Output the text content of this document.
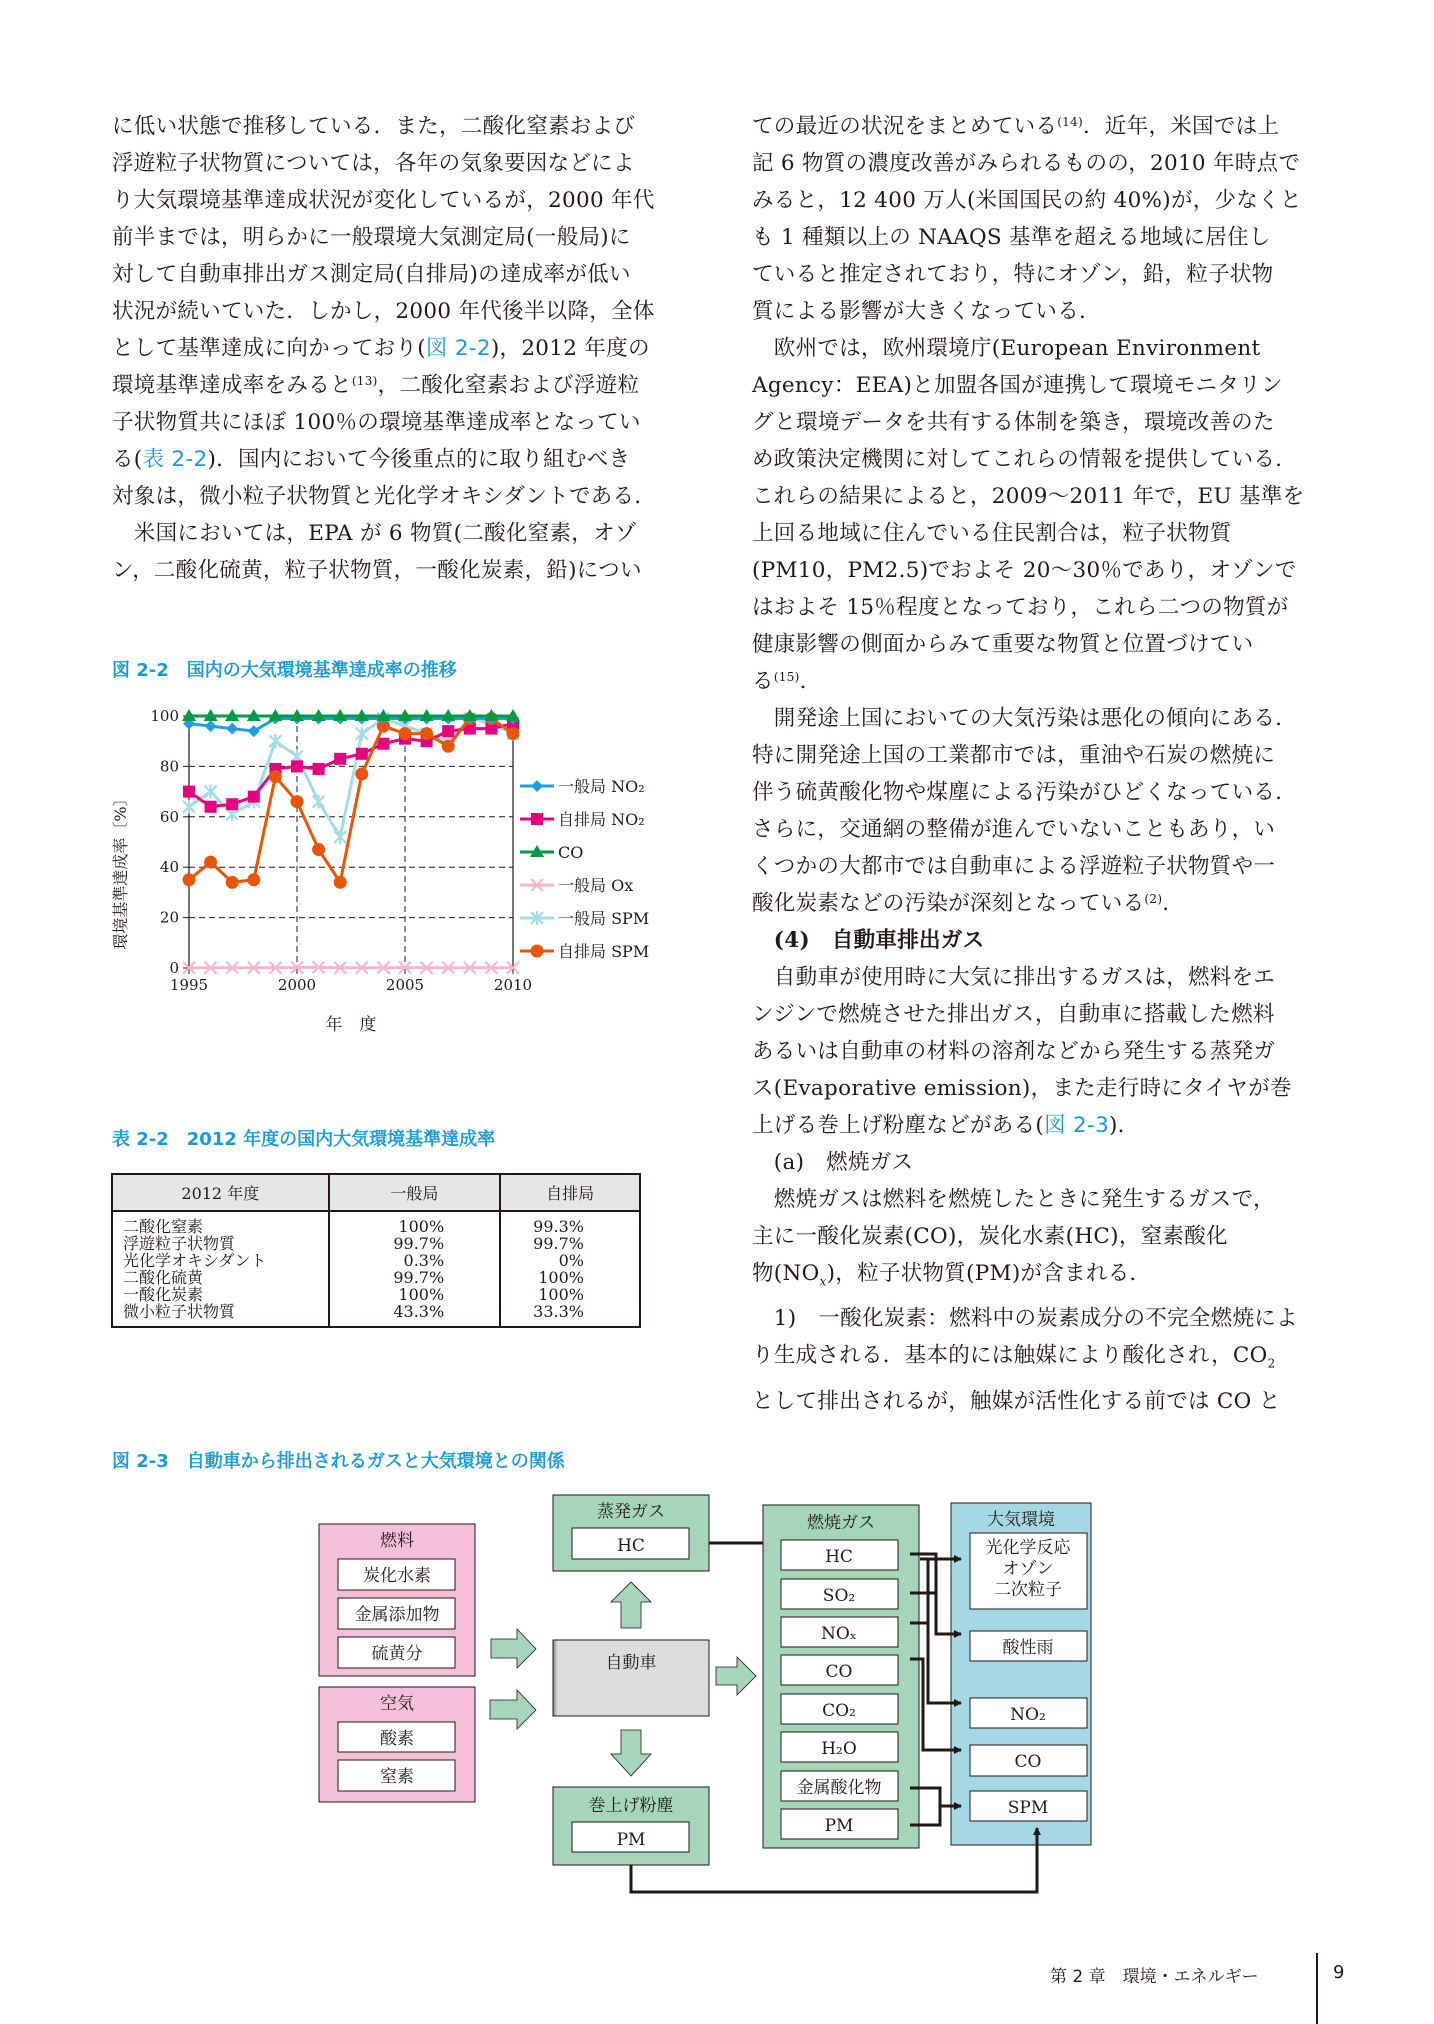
に低い状態で推移している．また，二酸化窒素および

浮遊粒子状物質については，各年の気象要因などによ

り大気環境基準達成状況が変化しているが，2000 年代

前半までは，明らかに一般環境大気測定局(一般局)に

対して自動車排出ガス測定局(自排局)の達成率が低い

状況が続いていた．しかし，2000 年代後半以降，全体

として基準達成に向かっており(図 2-2)，2012 年度の

環境基準達成率をみると$^{(13)}$，二酸化窒素および浮遊粒

子状物質共にほぼ 100％の環境基準達成率となってい

る(表 2-2)．国内において今後重点的に取り組むべき

対象は，微小粒子状物質と光化学オキシダントである．

　米国においては，EPA が 6 物質(二酸化窒素，オゾ

ン，二酸化硫黄，粒子状物質，一酸化炭素，鉛)につい

ての最近の状況をまとめている$^{(14)}$．近年，米国では上

記 6 物質の濃度改善がみられるものの，2010 年時点で

みると，12 400 万人(米国国民の約 40%)が，少なくと

も 1 種類以上の NAAQS 基準を超える地域に居住し

ていると推定されており，特にオゾン，鉛，粒子状物

質による影響が大きくなっている．

　欧州では，欧州環境庁(European Environment

Agency：EEA)と加盟各国が連携して環境モニタリン

グと環境データを共有する体制を築き，環境改善のた

め政策決定機関に対してこれらの情報を提供している．

これらの結果によると，2009～2011 年で，EU 基準を

上回る地域に住んでいる住民割合は，粒子状物質

(PM10，PM2.5)でおよそ 20～30％であり，オゾンで

はおよそ 15％程度となっており，これら二つの物質が

健康影響の側面からみて重要な物質と位置づけてい

る$^{(15)}$．

　開発途上国においての大気汚染は悪化の傾向にある．

特に開発途上国の工業都市では，重油や石炭の燃焼に

伴う硫黄酸化物や煤塵による汚染がひどくなっている．

さらに，交通網の整備が進んでいないこともあり，い

くつかの大都市では自動車による浮遊粒子状物質や一

酸化炭素などの汚染が深刻となっている$^{(2)}$．

　(4)　自動車排出ガス

　自動車が使用時に大気に排出するガスは，燃料をエ

ンジンで燃焼させた排出ガス，自動車に搭載した燃料

あるいは自動車の材料の溶剤などから発生する蒸発ガ

ス(Evaporative emission)，また走行時にタイヤが巻

上げる巻上げ粉塵などがある(図 2-3)．

　(a)　燃焼ガス

　燃焼ガスは燃料を燃焼したときに発生するガスで，

主に一酸化炭素(CO)，炭化水素(HC)，窒素酸化

物$(NO_x)$，粒子状物質(PM)が含まれる．

　1)　一酸化炭素：燃料中の炭素成分の不完全燃焼によ

り生成される．基本的には触媒により酸化され，$CO_2$

として排出されるが，触媒が活性化する前では CO と

図 2-2　国内の大気環境基準達成率の推移
0
20
40
60
80
100
1995	2000	2005	2010
一般局 NO₂
自排局 NO₂
CO
一般局 Ox
一般局 SPM
自排局 SPM
環境基準達成率〔%〕
年　度
表 2-2　2012 年度の国内大気環境基準達成率
2012 年度	一般局	自排局
二酸化窒素	100%	99.3%
浮遊粒子状物質	99.7%	99.7%
光化学オキシダント	0.3%	0%
二酸化硫黄	99.7%	100%
一酸化炭素	100%	100%
微小粒子状物質	43.3%	33.3%
図 2-3　自動車から排出されるガスと大気環境との関係
燃料
炭化水素
金属添加物
硫黄分
空気
酸素
窒素
自動車
蒸発ガス
HC
巻上げ粉塵
PM
燃焼ガス
HC
SO₂
NOₓ
CO
CO₂
H₂O
金属酸化物
PM
大気環境
光化学反応
オゾン
二次粒子
酸性雨
NO₂
CO
SPM
第 2 章　環境・エネルギー	9
